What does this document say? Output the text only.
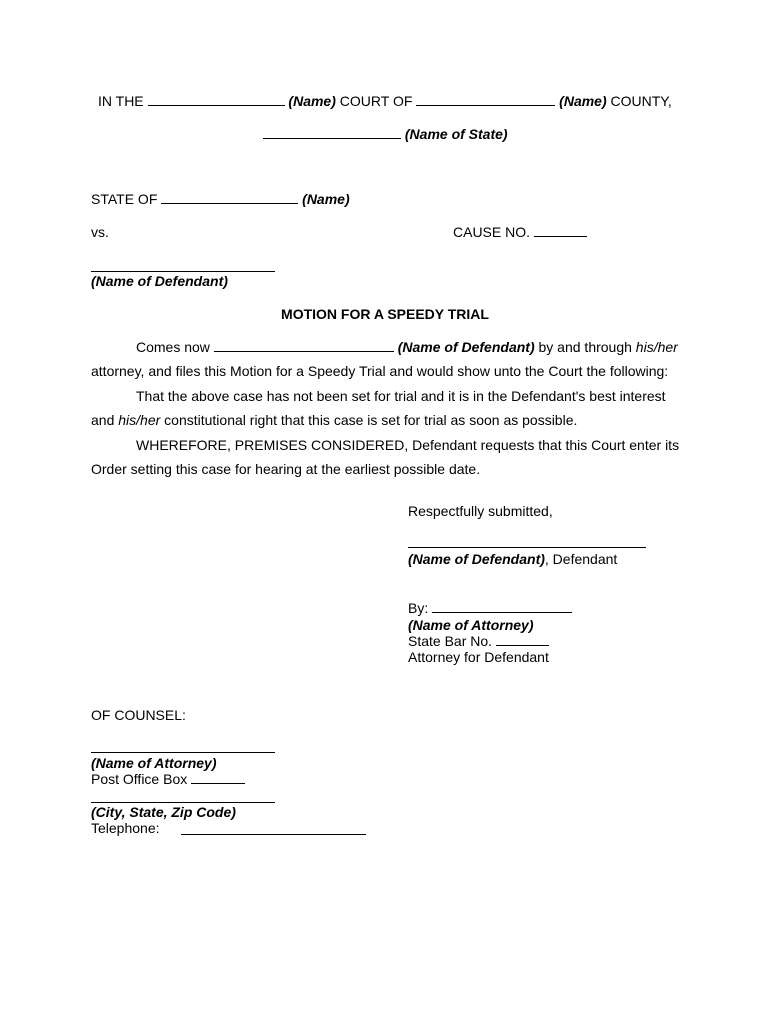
IN THE	(Name) COURT OF	(Name) COUNTY,
(Name of State)
STATE OF	(Name)
vs.	CAUSE NO.
(Name of Defendant)
MOTION FOR A SPEEDY TRIAL
Comes now	(Name of Defendant) by and through his/her
attorney, and files this Motion for a Speedy Trial and would show unto the Court the following:
That the above case has not been set for trial and it is in the Defendant's best interest
and his/her constitutional right that this case is set for trial as soon as possible.
WHEREFORE, PREMISES CONSIDERED, Defendant requests that this Court enter its
Order setting this case for hearing at the earliest possible date.
Respectfully submitted,
(Name of Defendant), Defendant
By:
(Name of Attorney)
State Bar No.
Attorney for Defendant
OF COUNSEL:
(Name of Attorney)
Post Office Box
(City, State, Zip Code)
Telephone:
